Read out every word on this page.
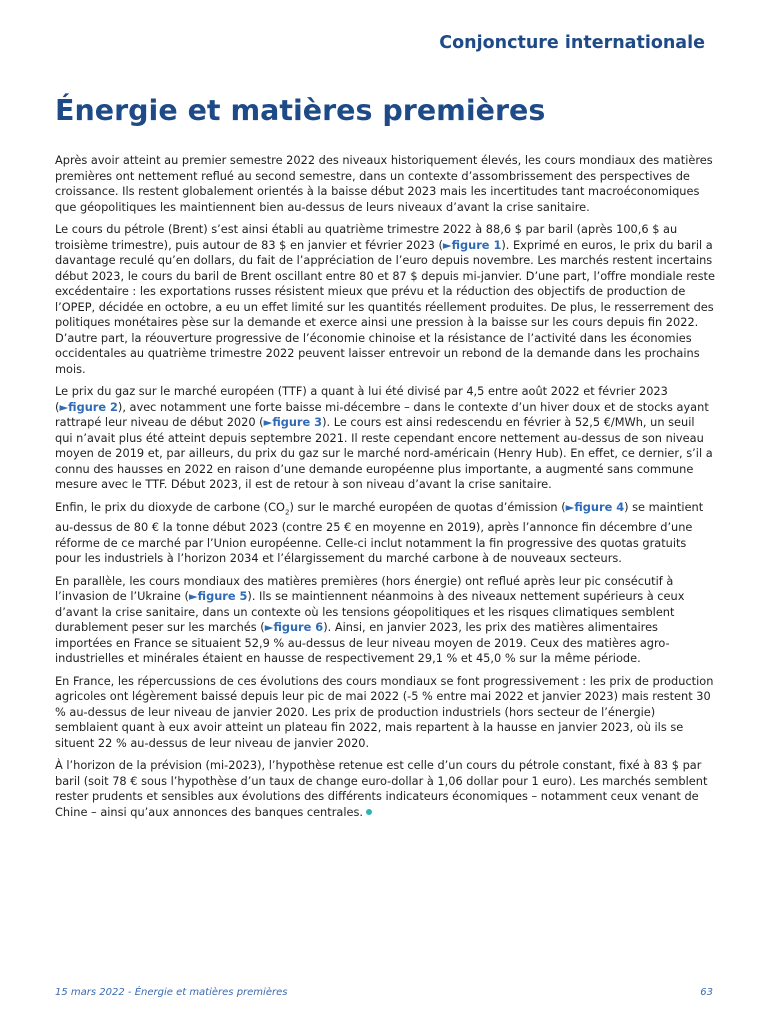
Conjoncture internationale
Énergie et matières premières

Après avoir atteint au premier semestre 2022 des niveaux historiquement élevés, les cours mondiaux des matières premières ont nettement reflué au second semestre, dans un contexte d’assombrissement des perspectives de croissance. Ils restent globalement orientés à la baisse début 2023 mais les incertitudes tant macroéconomiques que géopolitiques les maintiennent bien au-dessus de leurs niveaux d’avant la crise sanitaire.

Le cours du pétrole (Brent) s’est ainsi établi au quatrième trimestre 2022 à 88,6 $ par baril (après 100,6 $ au troisième trimestre), puis autour de 83 $ en janvier et février 2023 (►figure 1). Exprimé en euros, le prix du baril a davantage reculé qu’en dollars, du fait de l’appréciation de l’euro depuis novembre. Les marchés restent incertains début 2023, le cours du baril de Brent oscillant entre 80 et 87 $ depuis mi-janvier. D’une part, l’offre mondiale reste excédentaire : les exportations russes résistent mieux que prévu et la réduction des objectifs de production de l’OPEP, décidée en octobre, a eu un effet limité sur les quantités réellement produites. De plus, le resserrement des politiques monétaires pèse sur la demande et exerce ainsi une pression à la baisse sur les cours depuis fin 2022. D’autre part, la réouverture progressive de l’économie chinoise et la résistance de l’activité dans les économies occidentales au quatrième trimestre 2022 peuvent laisser entrevoir un rebond de la demande dans les prochains mois.

Le prix du gaz sur le marché européen (TTF) a quant à lui été divisé par 4,5 entre août 2022 et février 2023 (►figure 2), avec notamment une forte baisse mi-décembre – dans le contexte d’un hiver doux et de stocks ayant rattrapé leur niveau de début 2020 (►figure 3). Le cours est ainsi redescendu en février à 52,5 €/MWh, un seuil qui n’avait plus été atteint depuis septembre 2021. Il reste cependant encore nettement au-dessus de son niveau moyen de 2019 et, par ailleurs, du prix du gaz sur le marché nord-américain (Henry Hub). En effet, ce dernier, s’il a connu des hausses en 2022 en raison d’une demande européenne plus importante, a augmenté sans commune mesure avec le TTF. Début 2023, il est de retour à son niveau d’avant la crise sanitaire.

Enfin, le prix du dioxyde de carbone $(CO_2)$ sur le marché européen de quotas d’émission (►figure 4) se maintient au-dessus de 80 € la tonne début 2023 (contre 25 € en moyenne en 2019), après l’annonce fin décembre d’une réforme de ce marché par l’Union européenne. Celle-ci inclut notamment la fin progressive des quotas gratuits pour les industriels à l’horizon 2034 et l’élargissement du marché carbone à de nouveaux secteurs.

En parallèle, les cours mondiaux des matières premières (hors énergie) ont reflué après leur pic consécutif à l’invasion de l’Ukraine (►figure 5). Ils se maintiennent néanmoins à des niveaux nettement supérieurs à ceux d’avant la crise sanitaire, dans un contexte où les tensions géopolitiques et les risques climatiques semblent durablement peser sur les marchés (►figure 6). Ainsi, en janvier 2023, les prix des matières alimentaires importées en France se situaient 52,9 % au-dessus de leur niveau moyen de 2019. Ceux des matières agro-industrielles et minérales étaient en hausse de respectivement 29,1 % et 45,0 % sur la même période.

En France, les répercussions de ces évolutions des cours mondiaux se font progressivement : les prix de production agricoles ont légèrement baissé depuis leur pic de mai 2022 (-5 % entre mai 2022 et janvier 2023) mais restent 30 % au-dessus de leur niveau de janvier 2020. Les prix de production industriels (hors secteur de l’énergie) semblaient quant à eux avoir atteint un plateau fin 2022, mais repartent à la hausse en janvier 2023, où ils se situent 22 % au-dessus de leur niveau de janvier 2020.

À l’horizon de la prévision (mi-2023), l’hypothèse retenue est celle d’un cours du pétrole constant, fixé à 83 $ par baril (soit 78 € sous l’hypothèse d’un taux de change euro-dollar à 1,06 dollar pour 1 euro). Les marchés semblent rester prudents et sensibles aux évolutions des différents indicateurs économiques – notamment ceux venant de Chine – ainsi qu’aux annonces des banques centrales.

15 mars 2022 - Énergie et matières premières	63
